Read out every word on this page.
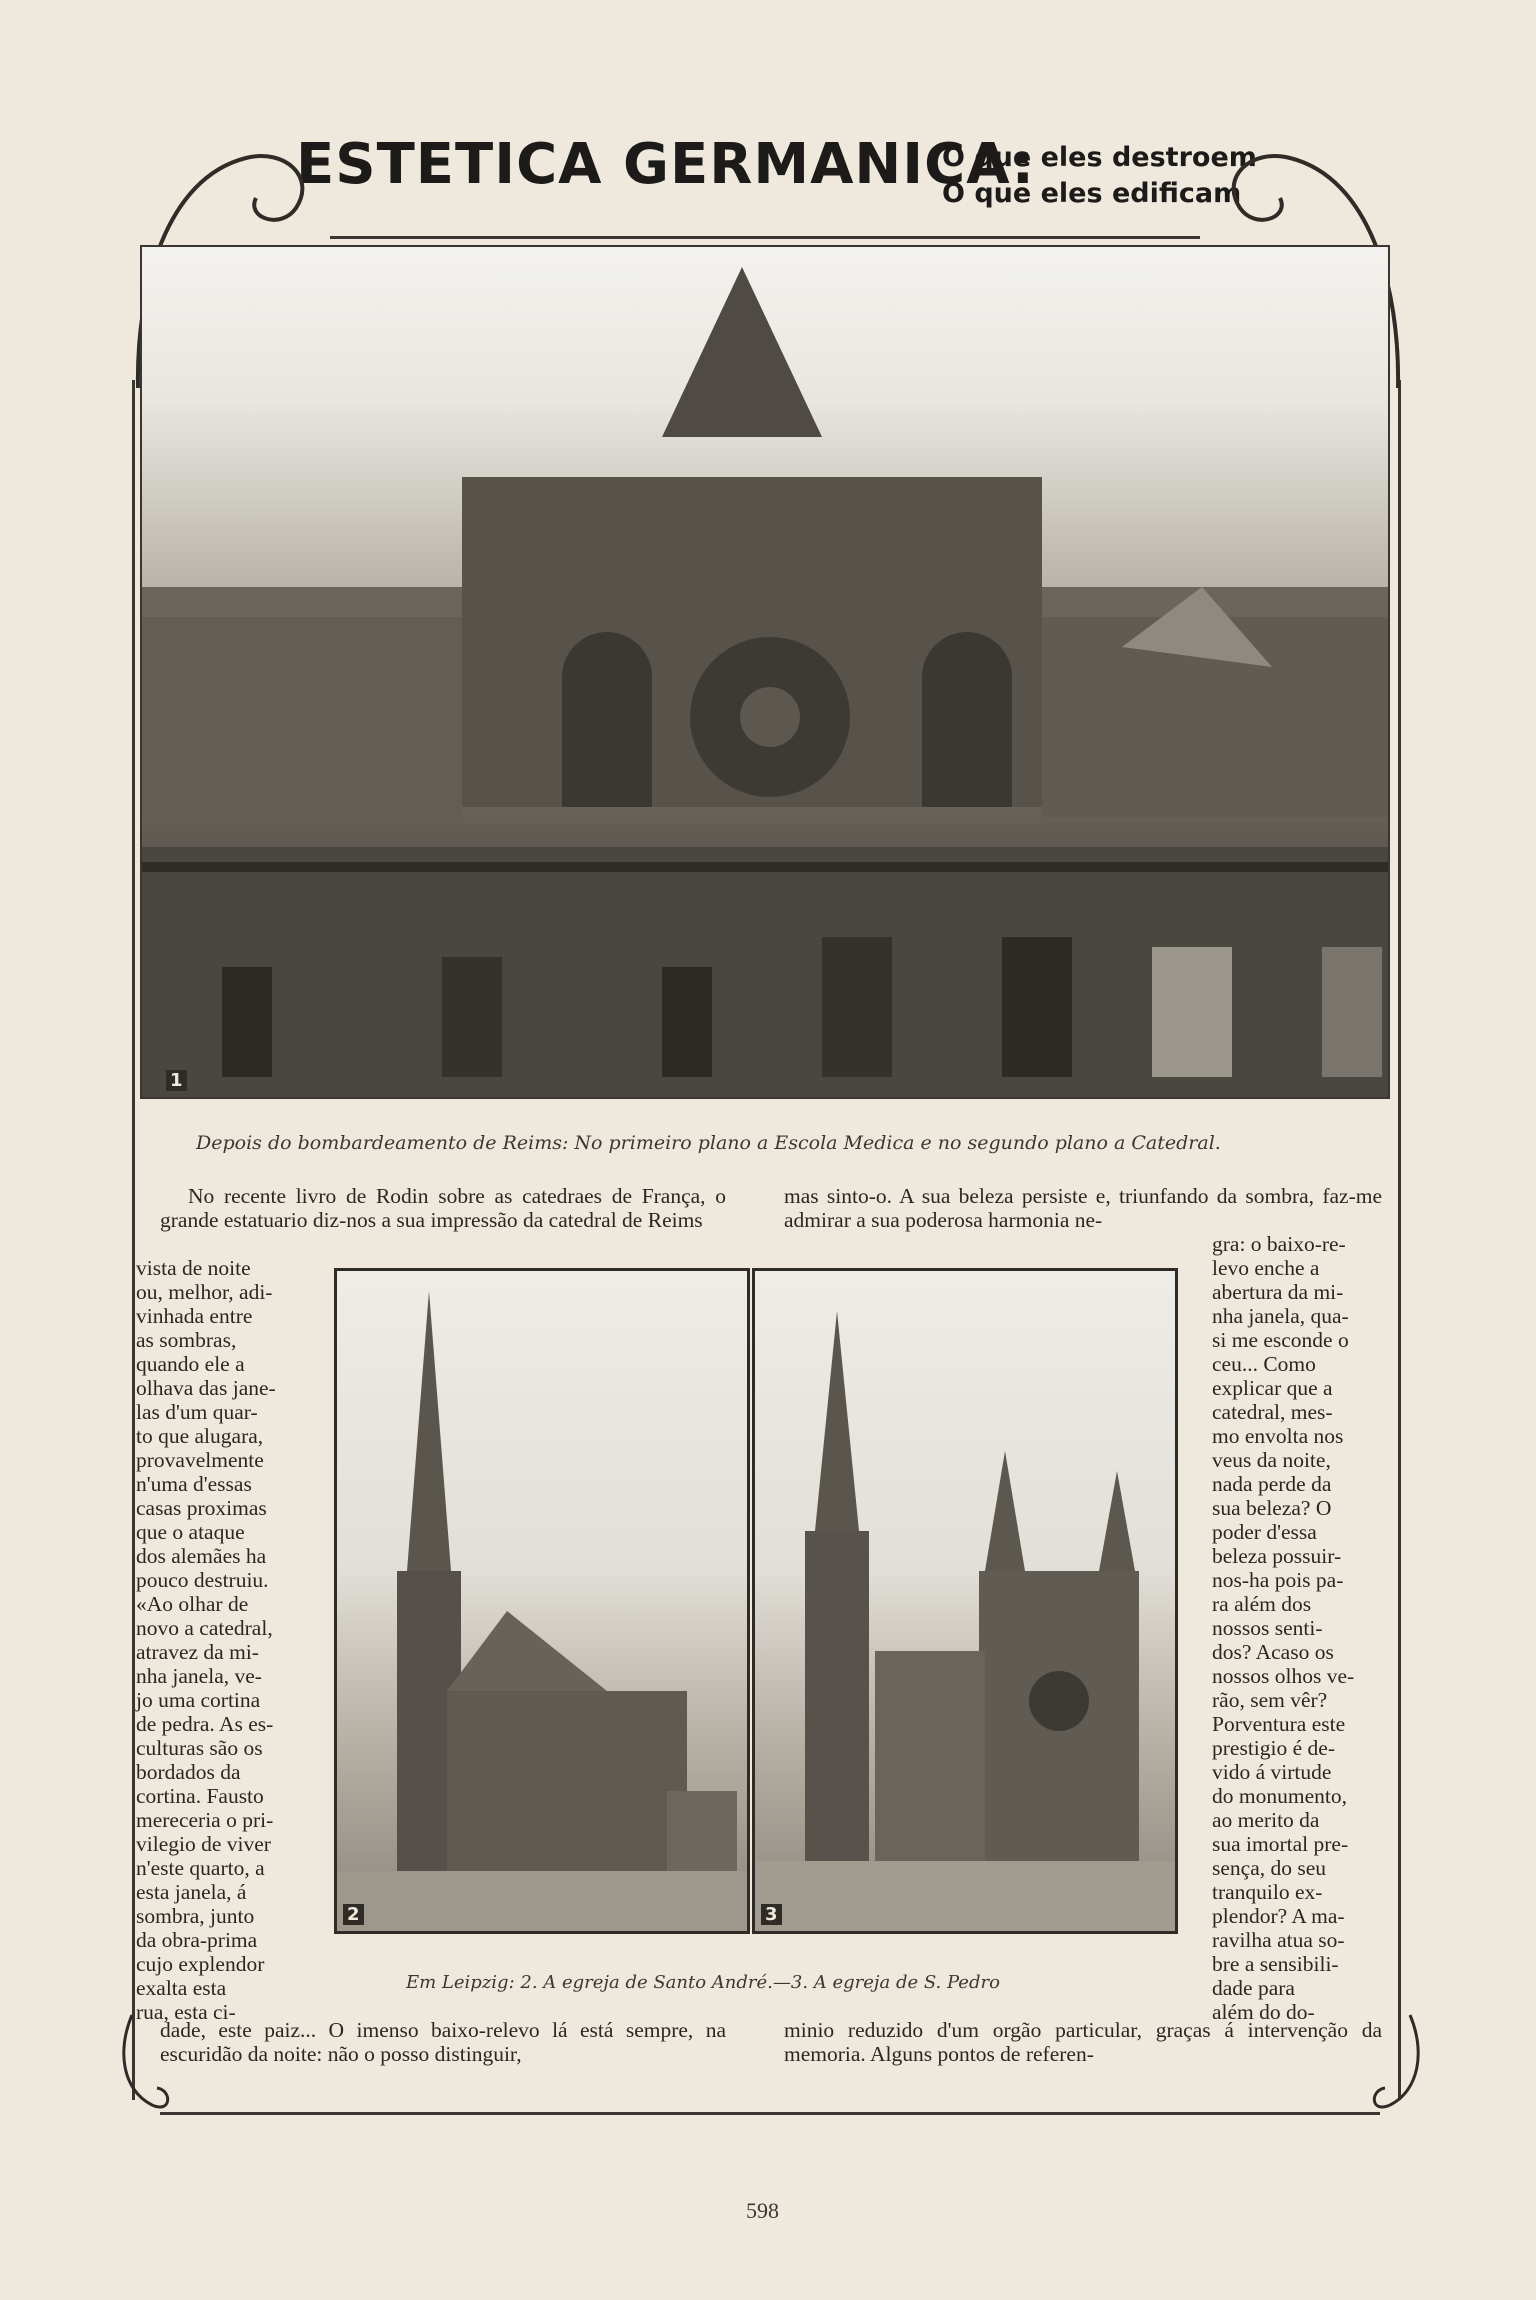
ESTETICA GERMANICA:
O que eles destroem
O que eles edificam
1
Depois do bombardeamento de Reims: No primeiro plano a Escola Medica e no segundo plano a Catedral.

No recente livro de Rodin sobre as catedraes de França, o grande estatuario diz-nos a sua impressão da catedral de Reims

vista de noite
ou, melhor, adi-
vinhada entre
as sombras,
quando ele a
olhava das jane-
las d'um quar-
to que alugara,
provavelmente
n'uma d'essas
casas proximas
que o ataque
dos alemães ha
pouco destruiu.
«Ao olhar de
novo a catedral,
atravez da mi-
nha janela, ve-
jo uma cortina
de pedra. As es-
culturas são os
bordados da
cortina. Fausto
mereceria o pri-
vilegio de viver
n'este quarto, a
esta janela, á
sombra, junto
da obra-prima
cujo explendor
exalta esta
rua, esta ci-

dade, este paiz... O imenso baixo-relevo lá está sempre, na escuridão da noite: não o posso distinguir,

mas sinto-o. A sua beleza persiste e, triunfando da sombra, faz-me admirar a sua poderosa harmonia ne-

gra: o baixo-re-
levo enche a
abertura da mi-
nha janela, qua-
si me esconde o
ceu... Como
explicar que a
catedral, mes-
mo envolta nos
veus da noite,
nada perde da
sua beleza? O
poder d'essa
beleza possuir-
nos-ha pois pa-
ra além dos
nossos senti-
dos? Acaso os
nossos olhos ve-
rão, sem vêr?
Porventura este
prestigio é de-
vido á virtude
do monumento,
ao merito da
sua imortal pre-
sença, do seu
tranquilo ex-
plendor? A ma-
ravilha atua so-
bre a sensibili-
dade para
além do do-

minio reduzido d'um orgão particular, graças á intervenção da memoria. Alguns pontos de referen-

2	3
Em Leipzig: 2. A egreja de Santo André.—3. A egreja de S. Pedro
598
